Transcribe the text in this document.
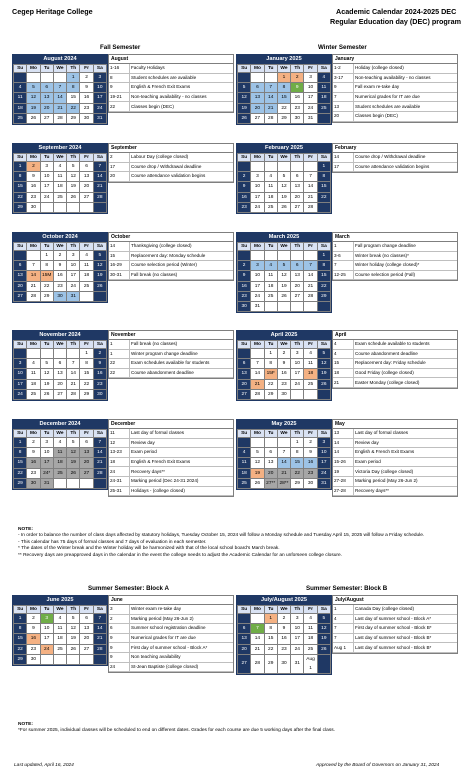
Cegep Heritage College	Academic Calendar 2024-2025 DEC
Regular Education day (DEC) program
Fall Semester	Winter Semester
Summer Semester: Block A	Summer Semester: Block B
August 2024
Su	Mo	Tu	We	Th	Fr	Sa
				1	2	3
4	5	6	7	8	9	10
11	12	13	14	15	16	17
18	19	20	21	22	23	24
25	26	27	28	29	30	31
August
1-16	Faculty Holidays
8	Student schedules are available
9	English & French Exit Exams
19-21	Non-teaching availability - no classes
22	Classes begin (DEC)
January 2025
Su	Mo	Tu	We	Th	Fr	Sa
			1	2	3	4
5	6	7	8	9	10	11
12	13	14	15	16	17	18
19	20	21	22	23	24	25
26	27	28	29	30	31	
January
1-2	Holiday (college closed)
3-17	Non-teaching availability - no classes
9	Fall exam re-take day
7	Numerical grades for IT are due
13	Student schedules are available
20	Classes begin (DEC)
September 2024
Su	Mo	Tu	We	Th	Fr	Sa
1	2	3	4	5	6	7
8	9	10	11	12	13	14
15	16	17	18	19	20	21
22	23	24	25	26	27	28
29	30					
September
2	Labour Day (college closed)
17	Course drop / Withdrawal deadline
20	Course attendance validation begins
February 2025
Su	Mo	Tu	We	Th	Fr	Sa
						1
2	3	4	5	6	7	8
9	10	11	12	13	14	15
16	17	18	19	20	21	22
23	24	25	26	27	28	
February
14	Course drop / Withdrawal deadline
17	Course attendance validation begins
October 2024
Su	Mo	Tu	We	Th	Fr	Sa
		1	2	3	4	5
6	7	8	9	10	11	12
13	14	15M	16	17	18	19
20	21	22	23	24	25	26
27	28	29	30	31		
October
14	Thanksgiving (college closed)
15	Replacement day: Monday schedule
16-29	Course selection period (Winter)
30-31	Fall break (no classes)
March 2025
Su	Mo	Tu	We	Th	Fr	Sa
						1
2	3	4	5	6	7	8
9	10	11	12	13	14	15
16	17	18	19	20	21	22
23	24	25	26	27	28	29
30	31					
March
1	Fall program change deadline
3-6	Winter break (no classes)*
7	Winter holiday (college closed)*
12-25	Course selection period (Fall)
November 2024
Su	Mo	Tu	We	Th	Fr	Sa
					1	2
3	4	5	6	7	8	9
10	11	12	13	14	15	16
17	18	19	20	21	22	23
24	25	26	27	28	29	30
November
1	Fall break (no classes)
1	Winter program change deadline
22	Exam schedules available for students
22	Course abandonment deadline
April 2025
Su	Mo	Tu	We	Th	Fr	Sa
		1	2	3	4	5
6	7	8	9	10	11	12
13	14	15F	16	17	18	19
20	21	22	23	24	25	26
27	28	29	30			
April
4	Exam schedule available to students
4	Course abandonment deadline
15	Replacement day: Friday schedule
18	Good Friday (college closed)
21	Easter Monday (college closed)
December 2024
Su	Mo	Tu	We	Th	Fr	Sa
1	2	3	4	5	6	7
8	9	10	11	12	13	14
15	16	17	18	19	20	21
22	23	24*	25	26	27	28
29	30	31				
December
11	Last day of formal classes
12	Review day
13-23	Exam period
18	English & French Exit Exams
24	Recovery days**
24-31	Marking period (Dec 24-31 2024)
25-31	Holidays - (college closed)
May 2025
Su	Mo	Tu	We	Th	Fr	Sa
				1	2	3
4	5	6	7	8	9	10
11	12	13	14	15	16	17
18	19	20	21	22	23	24
25	26	27**	28**	29	30	31
May
13	Last day of formal classes
14	Review day
14	English & French Exit Exams
15-26	Exam period
19	Victoria Day (college closed)
27-28	Marking period (May 26-Jun 2)
27-28	Recovery days**
June 2025
Su	Mo	Tu	We	Th	Fr	Sa
1	2	3	4	5	6	7
8	9	10	11	12	13	14
15	16	17	18	19	20	21
22	23	24	25	26	27	28
29	30					
June
3	Winter exam re-take day
2	Marking period (May 26-Jun 2)
6	Summer school registration deadline
9	Numerical grades for IT are due
9	First day of summer school - Block A*
9	Non teaching availability
24	St-Jean Baptiste (college closed)
July/August 2025
Su	Mo	Tu	We	Th	Fr	Sa
		1	2	3	4	5
6	7	8	9	10	11	12
13	14	15	16	17	18	19
20	21	22	23	24	25	26
27	28	29	30	31	Aug 1	
July/August
1	Canada Day (college closed)
4	Last day of summer school - Block A*
7	First day of summer school - Block B*
7	Last day of summer school - Block B*
Aug 1	Last day of summer school - Block B*
NOTE:
- In order to balance the number of class days affected by statutory holidays, Tuesday October 15, 2024 will follow a Monday schedule and Tuesday April 15, 2025 will follow a Friday schedule.
- This calendar has 75 days of formal classes and 7 days of evaluation in each semester.
* The dates of the Winter break and the Winter holiday will be harmonized with that of the local school board's March break.
** Recovery days are preapproved days in the calendar in the event the college needs to adjust the Academic Calendar for an unforseen college closure.
NOTE:
*For summer 2025, individual classes will be scheduled to end on different dates. Grades for each course are due 5 working days after the final class.
Last updated, April 16, 2024	Approved by the Board of Governors on January 31, 2024
